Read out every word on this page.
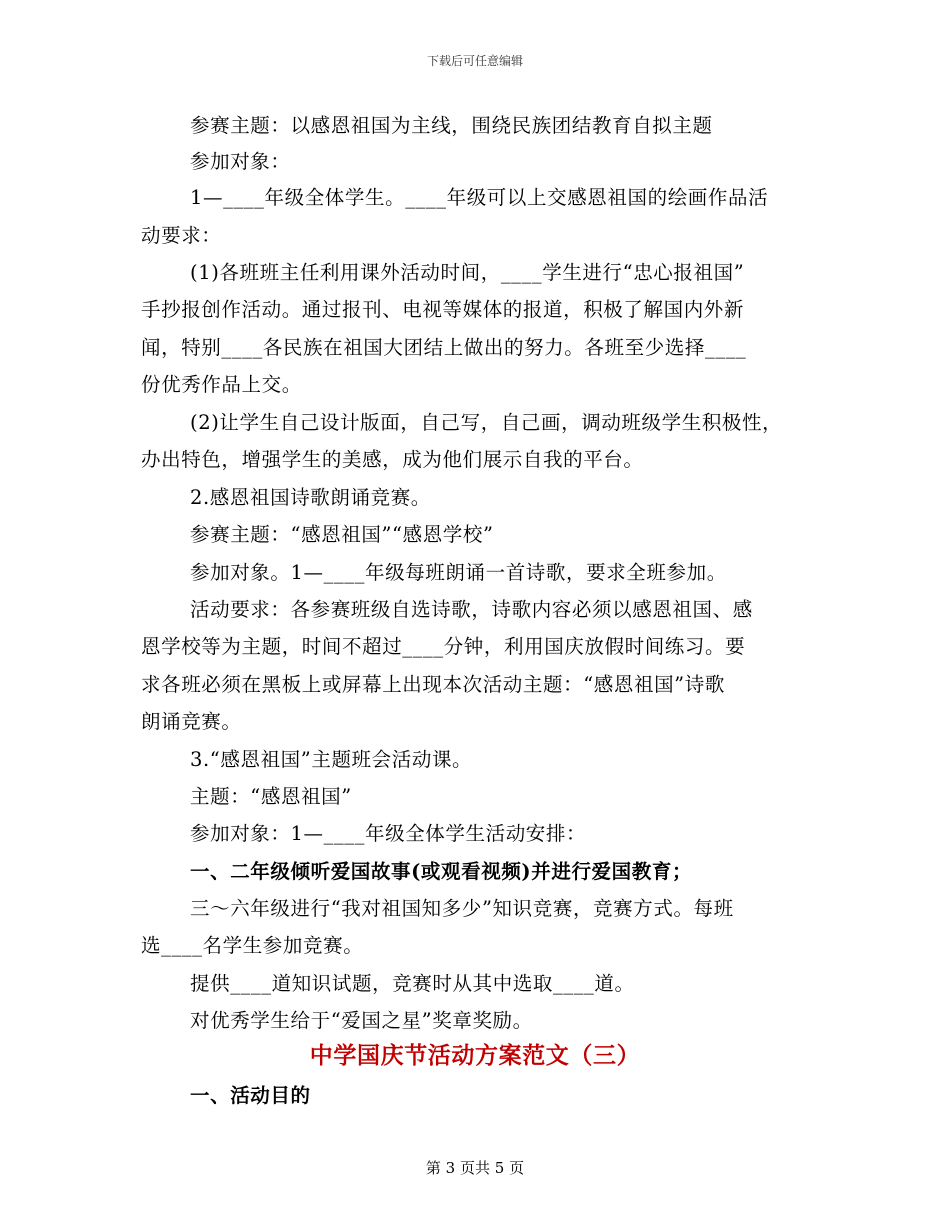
下载后可任意编辑
参赛主题：以感恩祖国为主线，围绕民族团结教育自拟主题
参加对象：
1—____年级全体学生。____年级可以上交感恩祖国的绘画作品活
动要求：
(1)各班班主任利用课外活动时间，____学生进行“忠心报祖国”
手抄报创作活动。通过报刊、电视等媒体的报道，积极了解国内外新
闻，特别____各民族在祖国大团结上做出的努力。各班至少选择____
份优秀作品上交。
(2)让学生自己设计版面，自己写，自己画，调动班级学生积极性，
办出特色，增强学生的美感，成为他们展示自我的平台。
2.感恩祖国诗歌朗诵竞赛。
参赛主题：“感恩祖国”“感恩学校”
参加对象。1—____年级每班朗诵一首诗歌，要求全班参加。
活动要求：各参赛班级自选诗歌，诗歌内容必须以感恩祖国、感
恩学校等为主题，时间不超过____分钟，利用国庆放假时间练习。要
求各班必须在黑板上或屏幕上出现本次活动主题：“感恩祖国”诗歌
朗诵竞赛。
3.“感恩祖国”主题班会活动课。
主题：“感恩祖国”
参加对象：1—____年级全体学生活动安排：
一、二年级倾听爱国故事(或观看视频)并进行爱国教育；
三～六年级进行“我对祖国知多少”知识竞赛，竞赛方式。每班
选____名学生参加竞赛。
提供____道知识试题，竞赛时从其中选取____道。
对优秀学生给于“爱国之星”奖章奖励。
中学国庆节活动方案范文（三）
一、活动目的
第 3 页共 5 页
